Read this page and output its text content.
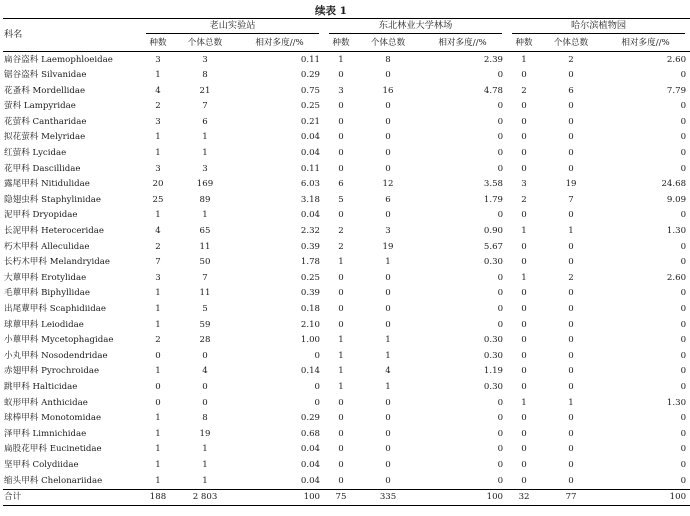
续表 1
科名	老山实验站			东北林业大学林场			哈尔滨植物园		
	种数	个体总数	相对多度//%	种数	个体总数	相对多度//%	种数	个体总数	相对多度//%
扁谷盗科 Laemophloeidae	3	3	0.11	1	8	2.39	1	2	2.60
锯谷盗科 Silvanidae	1	8	0.29	0	0	0	0	0	0
花蚤科 Mordellidae	4	21	0.75	3	16	4.78	2	6	7.79
萤科 Lampyridae	2	7	0.25	0	0	0	0	0	0
花萤科 Cantharidae	3	6	0.21	0	0	0	0	0	0
拟花萤科 Melyridae	1	1	0.04	0	0	0	0	0	0
红萤科 Lycidae	1	1	0.04	0	0	0	0	0	0
花甲科 Dascillidae	3	3	0.11	0	0	0	0	0	0
露尾甲科 Nitidulidae	20	169	6.03	6	12	3.58	3	19	24.68
隐翅虫科 Staphylinidae	25	89	3.18	5	6	1.79	2	7	9.09
泥甲科 Dryopidae	1	1	0.04	0	0	0	0	0	0
长泥甲科 Heteroceridae	4	65	2.32	2	3	0.90	1	1	1.30
朽木甲科 Alleculidae	2	11	0.39	2	19	5.67	0	0	0
长朽木甲科 Melandryidae	7	50	1.78	1	1	0.30	0	0	0
大蕈甲科 Erotylidae	3	7	0.25	0	0	0	1	2	2.60
毛蕈甲科 Biphyllidae	1	11	0.39	0	0	0	0	0	0
出尾蕈甲科 Scaphidiidae	1	5	0.18	0	0	0	0	0	0
球蕈甲科 Leiodidae	1	59	2.10	0	0	0	0	0	0
小蕈甲科 Mycetophagidae	2	28	1.00	1	1	0.30	0	0	0
小丸甲科 Nosodendridae	0	0	0	1	1	0.30	0	0	0
赤翅甲科 Pyrochroidae	1	4	0.14	1	4	1.19	0	0	0
跳甲科 Halticidae	0	0	0	1	1	0.30	0	0	0
蚁形甲科 Anthicidae	0	0	0	0	0	0	1	1	1.30
球棒甲科 Monotomidae	1	8	0.29	0	0	0	0	0	0
泽甲科 Limnichidae	1	19	0.68	0	0	0	0	0	0
扁股花甲科 Eucinetidae	1	1	0.04	0	0	0	0	0	0
坚甲科 Colydiidae	1	1	0.04	0	0	0	0	0	0
缩头甲科 Chelonariidae	1	1	0.04	0	0	0	0	0	0
合计	188	2 803	100	75	335	100	32	77	100
